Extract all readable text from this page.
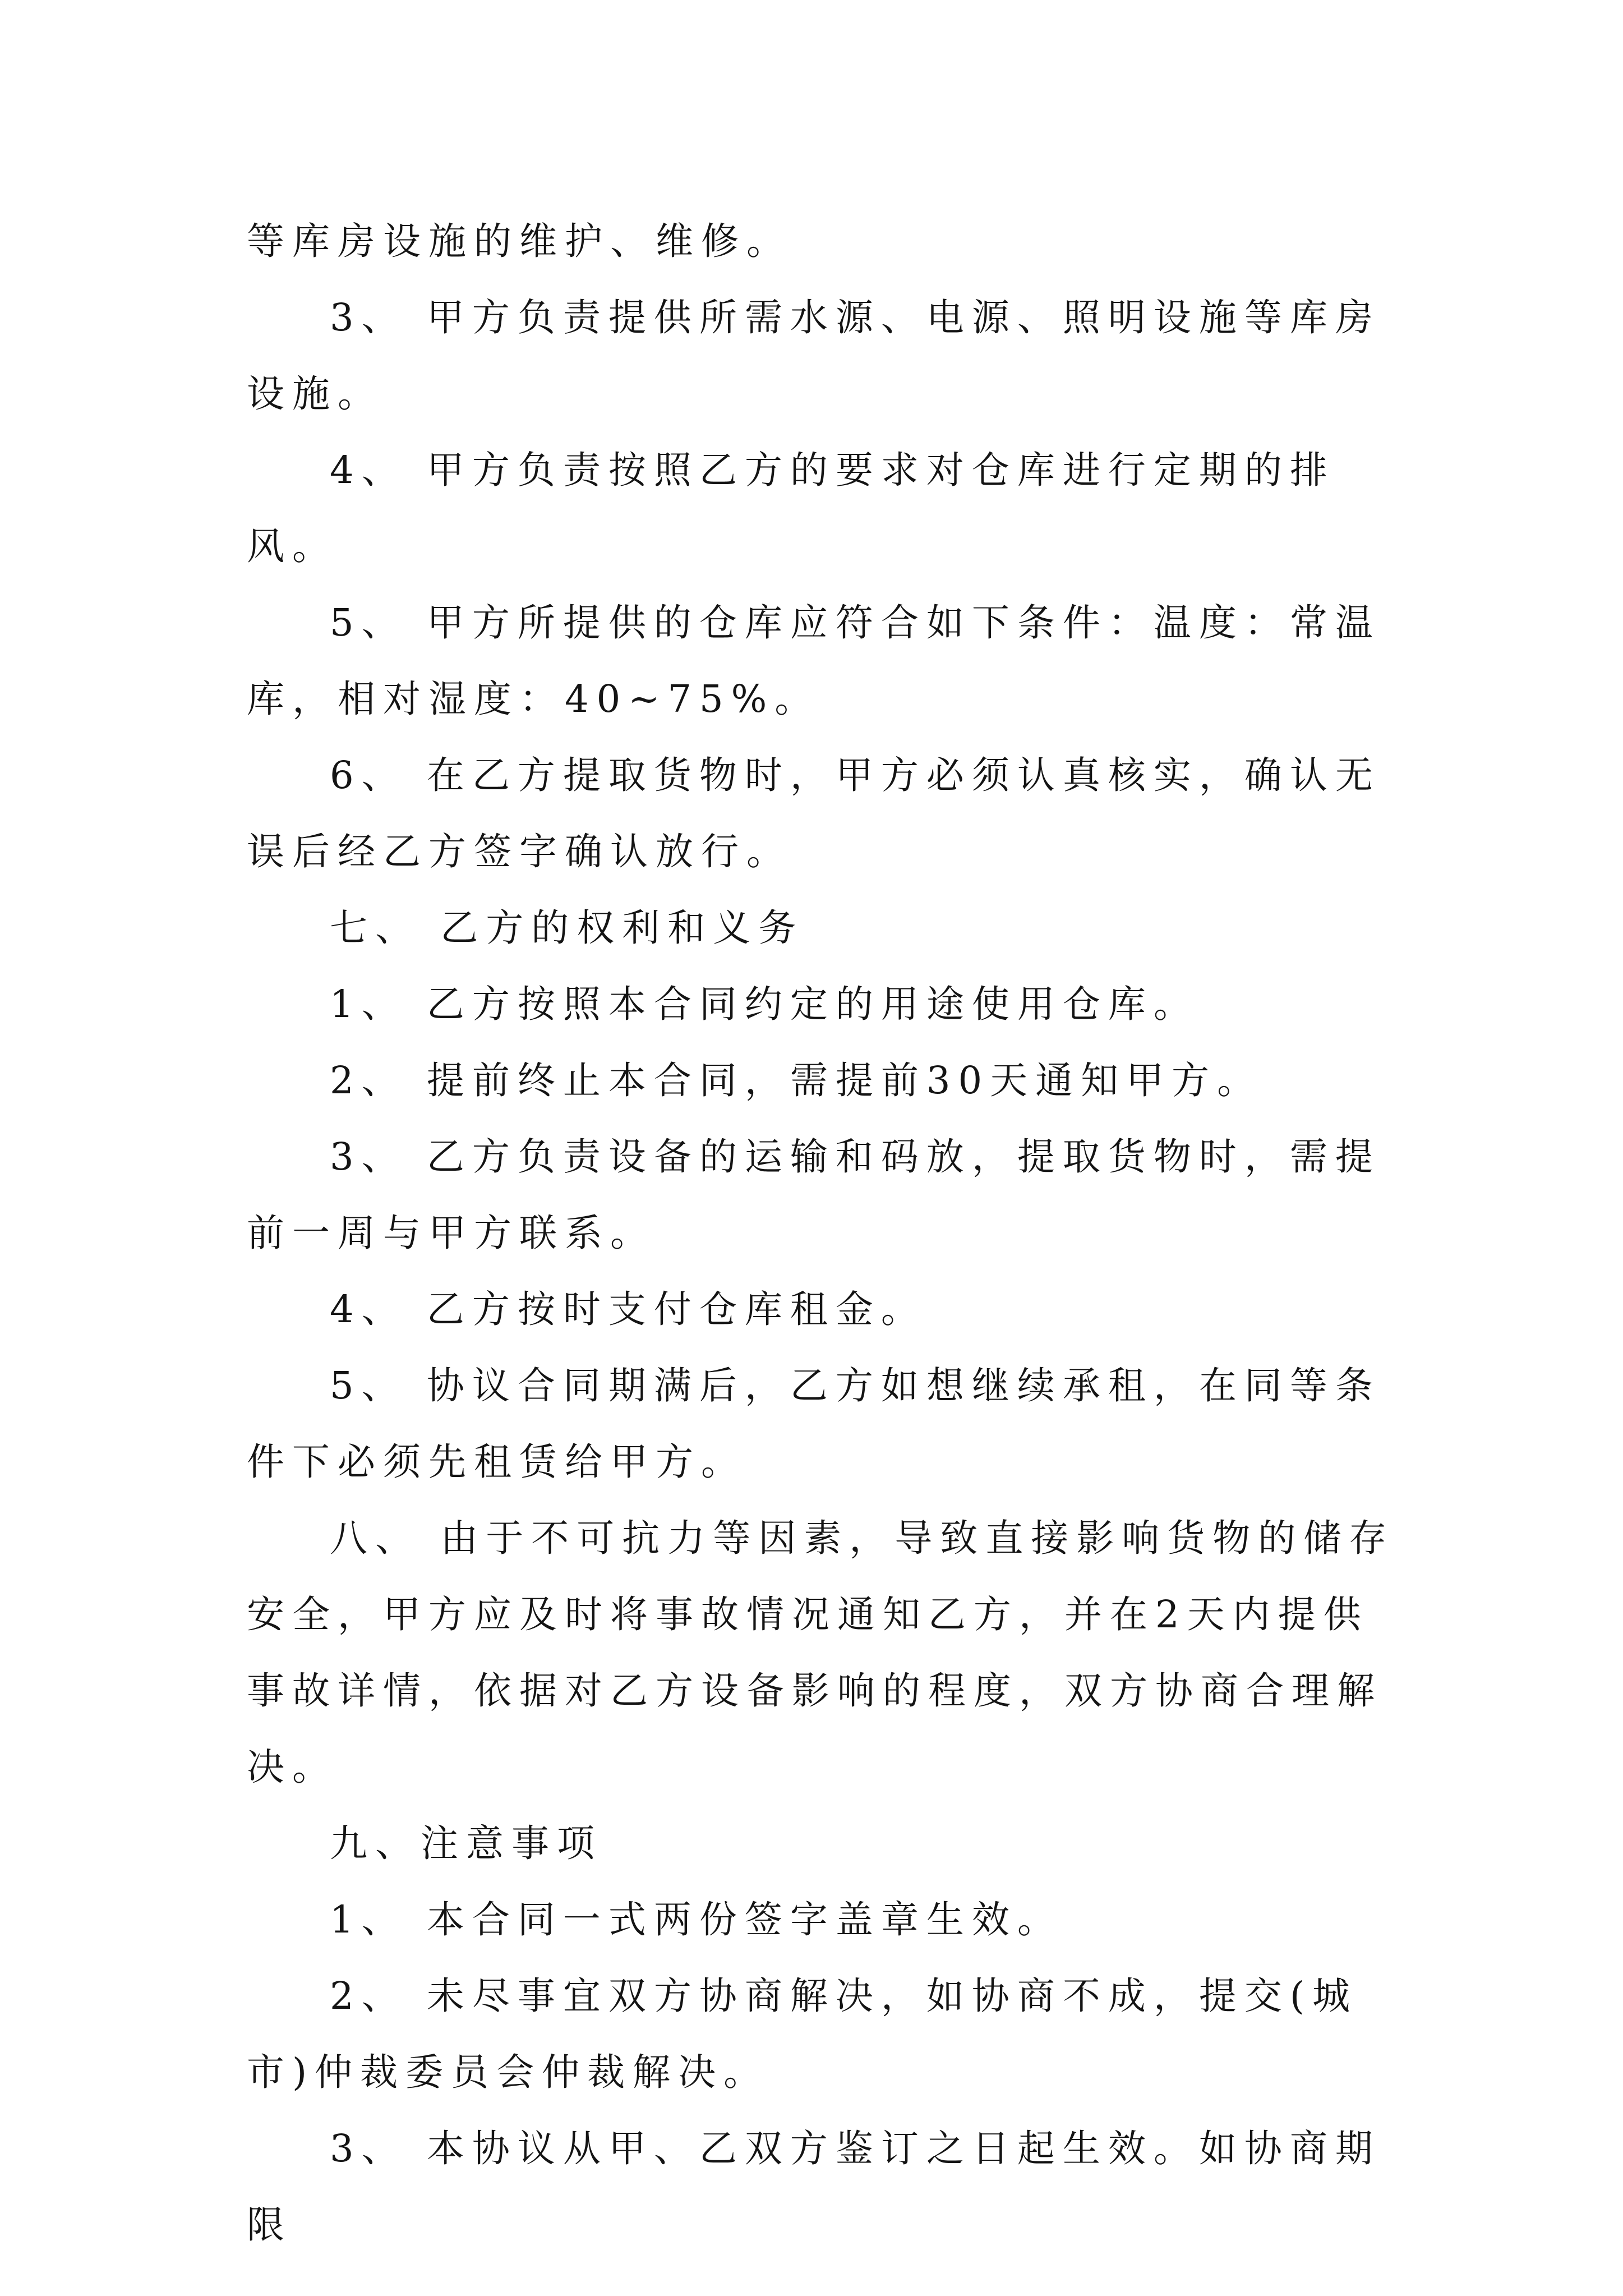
等库房设施的维护、维修。

3、 甲方负责提供所需水源、电源、照明设施等库房设施。

4、 甲方负责按照乙方的要求对仓库进行定期的排风。

5、 甲方所提供的仓库应符合如下条件：温度：常温库，相对湿度：40~75%。

6、 在乙方提取货物时，甲方必须认真核实，确认无误后经乙方签字确认放行。

七、 乙方的权利和义务

1、 乙方按照本合同约定的用途使用仓库。

2、 提前终止本合同，需提前30天通知甲方。

3、 乙方负责设备的运输和码放，提取货物时，需提前一周与甲方联系。

4、 乙方按时支付仓库租金。

5、 协议合同期满后，乙方如想继续承租，在同等条件下必须先租赁给甲方。

八、 由于不可抗力等因素，导致直接影响货物的储存安全，甲方应及时将事故情况通知乙方，并在2天内提供事故详情，依据对乙方设备影响的程度，双方协商合理解决。

九、注意事项

1、 本合同一式两份签字盖章生效。

2、 未尽事宜双方协商解决，如协商不成，提交(城市)仲裁委员会仲裁解决。

3、 本协议从甲、乙双方鉴订之日起生效。如协商期限
